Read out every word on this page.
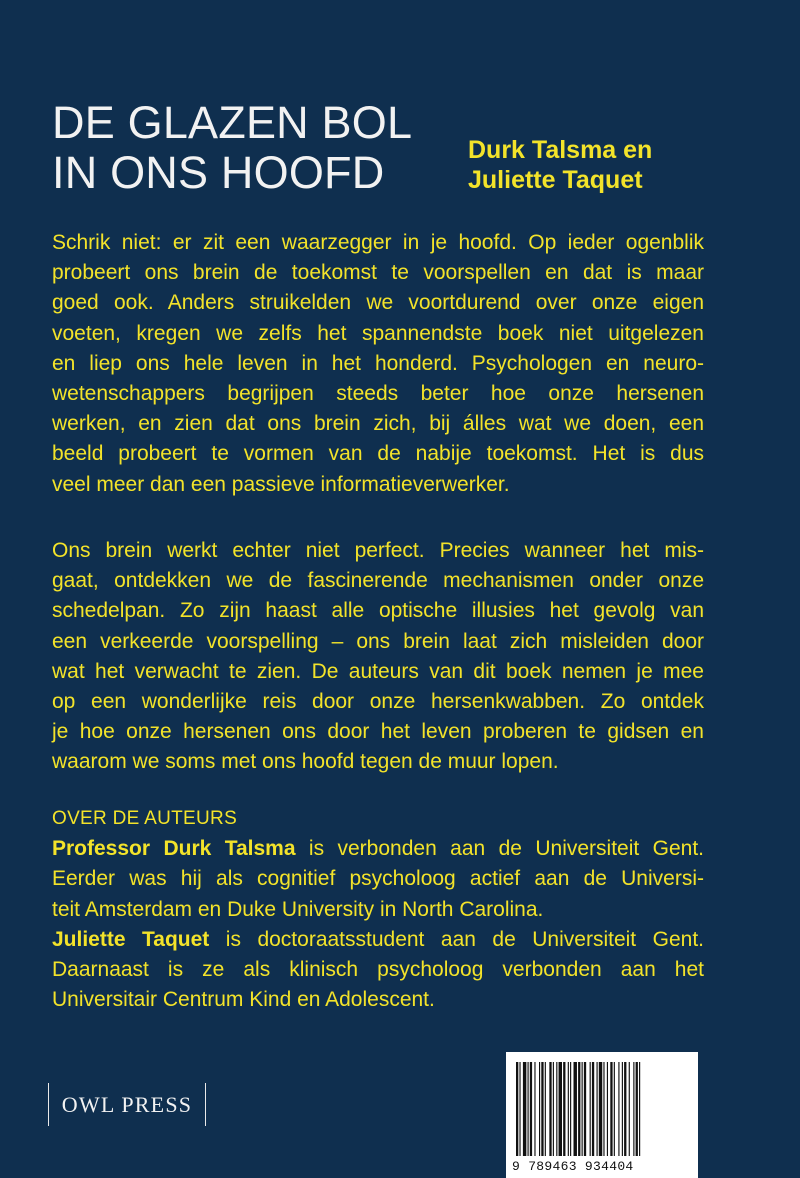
DE GLAZEN BOL
IN ONS HOOFD	Durk Talsma en
Juliette Taquet
Schrik niet: er zit een waarzegger in je hoofd. Op ieder ogenblik
probeert ons brein de toekomst te voorspellen en dat is maar
goed ook. Anders struikelden we voortdurend over onze eigen
voeten, kregen we zelfs het spannendste boek niet uitgelezen
en liep ons hele leven in het honderd. Psychologen en neuro-
wetenschappers begrijpen steeds beter hoe onze hersenen
werken, en zien dat ons brein zich, bij álles wat we doen, een
beeld probeert te vormen van de nabije toekomst. Het is dus
veel meer dan een passieve informatieverwerker.
Ons brein werkt echter niet perfect. Precies wanneer het mis-
gaat, ontdekken we de fascinerende mechanismen onder onze
schedelpan. Zo zijn haast alle optische illusies het gevolg van
een verkeerde voorspelling – ons brein laat zich misleiden door
wat het verwacht te zien. De auteurs van dit boek nemen je mee
op een wonderlijke reis door onze hersenkwabben. Zo ontdek
je hoe onze hersenen ons door het leven proberen te gidsen en
waarom we soms met ons hoofd tegen de muur lopen.
OVER DE AUTEURS
Professor Durk Talsma is verbonden aan de Universiteit Gent.
Eerder was hij als cognitief psycholoog actief aan de Universi-
teit Amsterdam en Duke University in North Carolina.
Juliette Taquet is doctoraatsstudent aan de Universiteit Gent.
Daarnaast is ze als klinisch psycholoog verbonden aan het
Universitair Centrum Kind en Adolescent.
OWL PRESS
9 789463 934404
